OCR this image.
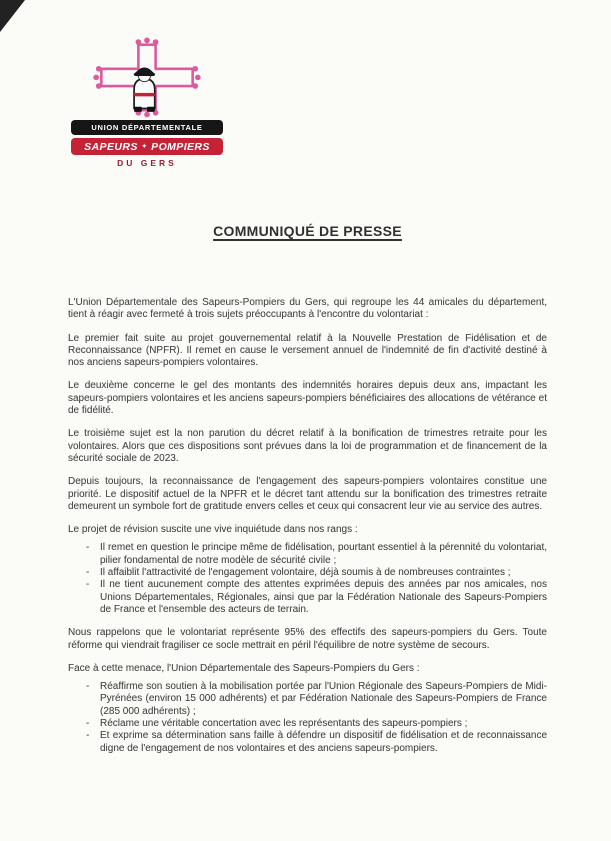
UNION DÉPARTEMENTALE
SAPEURS ✦ POMPIERS
DU GERS
COMMUNIQUÉ DE PRESSE

L'Union Départementale des Sapeurs-Pompiers du Gers, qui regroupe les 44 amicales du département, tient à réagir avec fermeté à trois sujets préoccupants à l'encontre du volontariat :

Le premier fait suite au projet gouvernemental relatif à la Nouvelle Prestation de Fidélisation et de Reconnaissance (NPFR). Il remet en cause le versement annuel de l'indemnité de fin d'activité destiné à nos anciens sapeurs-pompiers volontaires.

Le deuxième concerne le gel des montants des indemnités horaires depuis deux ans, impactant les sapeurs-pompiers volontaires et les anciens sapeurs-pompiers bénéficiaires des allocations de vétérance et de fidélité.

Le troisième sujet est la non parution du décret relatif à la bonification de trimestres retraite pour les volontaires. Alors que ces dispositions sont prévues dans la loi de programmation et de financement de la sécurité sociale de 2023.

Depuis toujours, la reconnaissance de l'engagement des sapeurs-pompiers volontaires constitue une priorité. Le dispositif actuel de la NPFR et le décret tant attendu sur la bonification des trimestres retraite demeurent un symbole fort de gratitude envers celles et ceux qui consacrent leur vie au service des autres.

Le projet de révision suscite une vive inquiétude dans nos rangs :

- Il remet en question le principe même de fidélisation, pourtant essentiel à la pérennité du volontariat, pilier fondamental de notre modèle de sécurité civile ;
- Il affaiblit l'attractivité de l'engagement volontaire, déjà soumis à de nombreuses contraintes ;
- Il ne tient aucunement compte des attentes exprimées depuis des années par nos amicales, nos Unions Départementales, Régionales, ainsi que par la Fédération Nationale des Sapeurs-Pompiers de France et l'ensemble des acteurs de terrain.

Nous rappelons que le volontariat représente 95% des effectifs des sapeurs-pompiers du Gers. Toute réforme qui viendrait fragiliser ce socle mettrait en péril l'équilibre de notre système de secours.

Face à cette menace, l'Union Départementale des Sapeurs-Pompiers du Gers :

- Réaffirme son soutien à la mobilisation portée par l'Union Régionale des Sapeurs-Pompiers de Midi-Pyrénées (environ 15 000 adhérents) et par Fédération Nationale des Sapeurs-Pompiers de France (285 000 adhérents) ;
- Réclame une véritable concertation avec les représentants des sapeurs-pompiers ;
- Et exprime sa détermination sans faille à défendre un dispositif de fidélisation et de reconnaissance digne de l'engagement de nos volontaires et des anciens sapeurs-pompiers.
